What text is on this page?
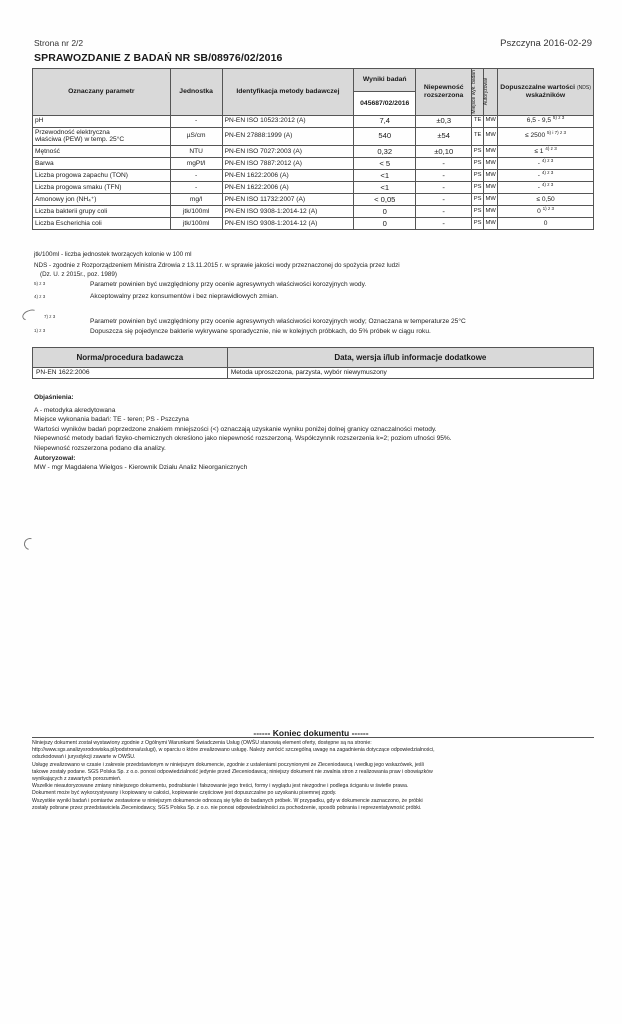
Strona nr 2/2	Pszczyna 2016-02-29
SPRAWOZDANIE Z BADAŃ NR SB/08976/02/2016
Oznaczany parametr	Jednostka	Identyfikacja metody badawczej	Wyniki badań	Niepewność rozszerzona	Miejsce wyk. badań	Autoryzował	Dopuszczalne wartości (NDS)
wskaźników
			045687/02/2016				
pH	-	PN-EN ISO 10523:2012 (A)	7,4	±0,3	TE	MW	6,5 - 9,5 $^{5) z 3}$
Przewodność elektryczna
właściwa (PEW) w temp. 25°C	µS/cm	PN-EN 27888:1999 (A)	540	±54	TE	MW	≤ 2500 $^{5) i 7) z 3}$
Mętność	NTU	PN-EN ISO 7027:2003 (A)	0,32	±0,10	PS	MW	≤ 1 $^{4) z 3}$
Barwa	mgPt/l	PN-EN ISO 7887:2012 (A)	< 5	-	PS	MW	- $^{4) z 3}$
Liczba progowa zapachu (TON)	-	PN-EN 1622:2006 (A)	<1	-	PS	MW	- $^{4) z 3}$
Liczba progowa smaku (TFN)	-	PN-EN 1622:2006 (A)	<1	-	PS	MW	- $^{4) z 3}$
Amonowy jon (NH₄⁺)	mg/l	PN-EN ISO 11732:2007 (A)	< 0,05	-	PS	MW	≤ 0,50
Liczba bakterii grupy coli	jtk/100ml	PN-EN ISO 9308-1:2014-12 (A)	0	-	PS	MW	0 $^{1) z 3}$
Liczba Escherichia coli	jtk/100ml	PN-EN ISO 9308-1:2014-12 (A)	0	-	PS	MW	0
jtk/100ml - liczba jednostek tworzących kolonie w 100 ml
NDS - zgodnie z Rozporządzeniem Ministra Zdrowia z 13.11.2015 r. w sprawie jakości wody przeznaczonej do spożycia przez ludzi
(Dz. U. z 2015r., poz. 1989)
5) z 3	Parametr powinien być uwzględniony przy ocenie agresywnych właściwości korozyjnych wody.
4) z 3	Akceptowalny przez konsumentów i bez nieprawidłowych zmian.
7) z 3
Parametr powinien być uwzględniony przy ocenie agresywnych właściwości korozyjnych wody; Oznaczana w temperaturze 25°C
1) z 3	Dopuszcza się pojedyncze bakterie wykrywane sporadycznie, nie w kolejnych próbkach, do 5% próbek w ciągu roku.
Norma/procedura badawcza	Data, wersja i/lub informacje dodatkowe
PN-EN 1622:2006	Metoda uproszczona, parzysta, wybór niewymuszony
Objaśnienia:
A - metodyka akredytowana
Miejsce wykonania badań: TE - teren; PS - Pszczyna
Wartości wyników badań poprzedzone znakiem mniejszości (<) oznaczają uzyskanie wyniku poniżej dolnej granicy oznaczalności metody.
Niepewność metody badań fizyko-chemicznych określono jako niepewność rozszerzoną. Współczynnik rozszerzenia k=2; poziom ufności 95%.
Niepewność rozszerzona podano dla analizy.
Autoryzował:
MW - mgr Magdalena Wielgos - Kierownik Działu Analiz Nieorganicznych
------ Koniec dokumentu ------
Niniejszy dokument został wystawiony zgodnie z Ogólnymi Warunkami Świadczenia Usług (OWŚU stanowią element oferty, dostępne są na stronie:
http://www.sgs.analizysrodowiska.pl/podstrona/uslugi), w oparciu o które zrealizowano usługę. Należy zwrócić szczególną uwagę na zagadnienia dotyczące odpowiedzialności,
odszkodowań i jurysdykcji zawarte w OWŚU.
Usługę zrealizowano w czasie i zakresie przedstawionym w niniejszym dokumencie, zgodnie z ustaleniami poczynionymi ze Zleceniodawcą i według jego wskazówek, jeśli
takowe zostały podane. SGS Polska Sp. z o.o. ponosi odpowiedzialność jedynie przed Zleceniodawcą; niniejszy dokument nie zwalnia stron z realizowania praw i obowiązków
wynikających z zawartych porozumień.
Wszelkie nieautoryzowane zmiany niniejszego dokumentu, podrabianie i fałszowanie jego treści, formy i wyglądu jest niezgodne i podlega ściganiu w świetle prawa.
Dokument może być wykorzystywany i kopiowany w całości, kopiowanie częściowe jest dopuszczalne po uzyskaniu pisemnej zgody.
Wszystkie wyniki badań i pomiarów zestawione w niniejszym dokumencie odnoszą się tylko do badanych próbek. W przypadku, gdy w dokumencie zaznaczono, że próbki
zostały pobrane przez przedstawiciela Zleceniodawcy, SGS Polska Sp. z o.o. nie ponosi odpowiedzialności za pochodzenie, sposób pobrania i reprezentatywność próbki.
